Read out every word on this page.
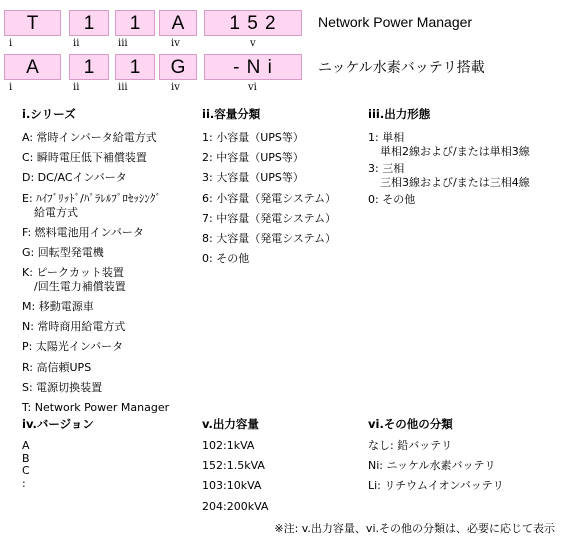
T	1	1	A	1 5 2
i	ii	iii	iv	v
Network Power Manager
A	1	1	G	- N i
i	ii	iii	iv	vi
ニッケル水素バッテリ搭載
i.シリーズ
A: 常時インバータ給電方式
C: 瞬時電圧低下補償装置
D: DC/ACインバータ
E: ﾊｲﾌﾞﾘｯﾄﾞ/ﾊﾟﾗﾚﾙﾌﾟﾛｾｯｼﾝｸﾞ
給電方式
F: 燃料電池用インバータ
G: 回転型発電機
K: ピークカット装置
/回生電力補償装置
M: 移動電源車
N: 常時商用給電方式
P: 太陽光インバータ
R: 高信頼UPS
S: 電源切換装置
T: Network Power Manager
ii.容量分類
1: 小容量（UPS等）
2: 中容量（UPS等）
3: 大容量（UPS等）
6: 小容量（発電システム）
7: 中容量（発電システム）
8: 大容量（発電システム）
0: その他
iii.出力形態
1: 単相
単相2線および/または単相3線
3: 三相
三相3線および/または三相4線
0: その他
iv.バージョン
A
B
C
:
v.出力容量
102:1kVA
152:1.5kVA
103:10kVA
204:200kVA
vi.その他の分類
なし: 鉛バッテリ
Ni: ニッケル水素バッテリ
Li: リチウムイオンバッテリ
※注: v.出力容量、vi.その他の分類は、必要に応じて表示
